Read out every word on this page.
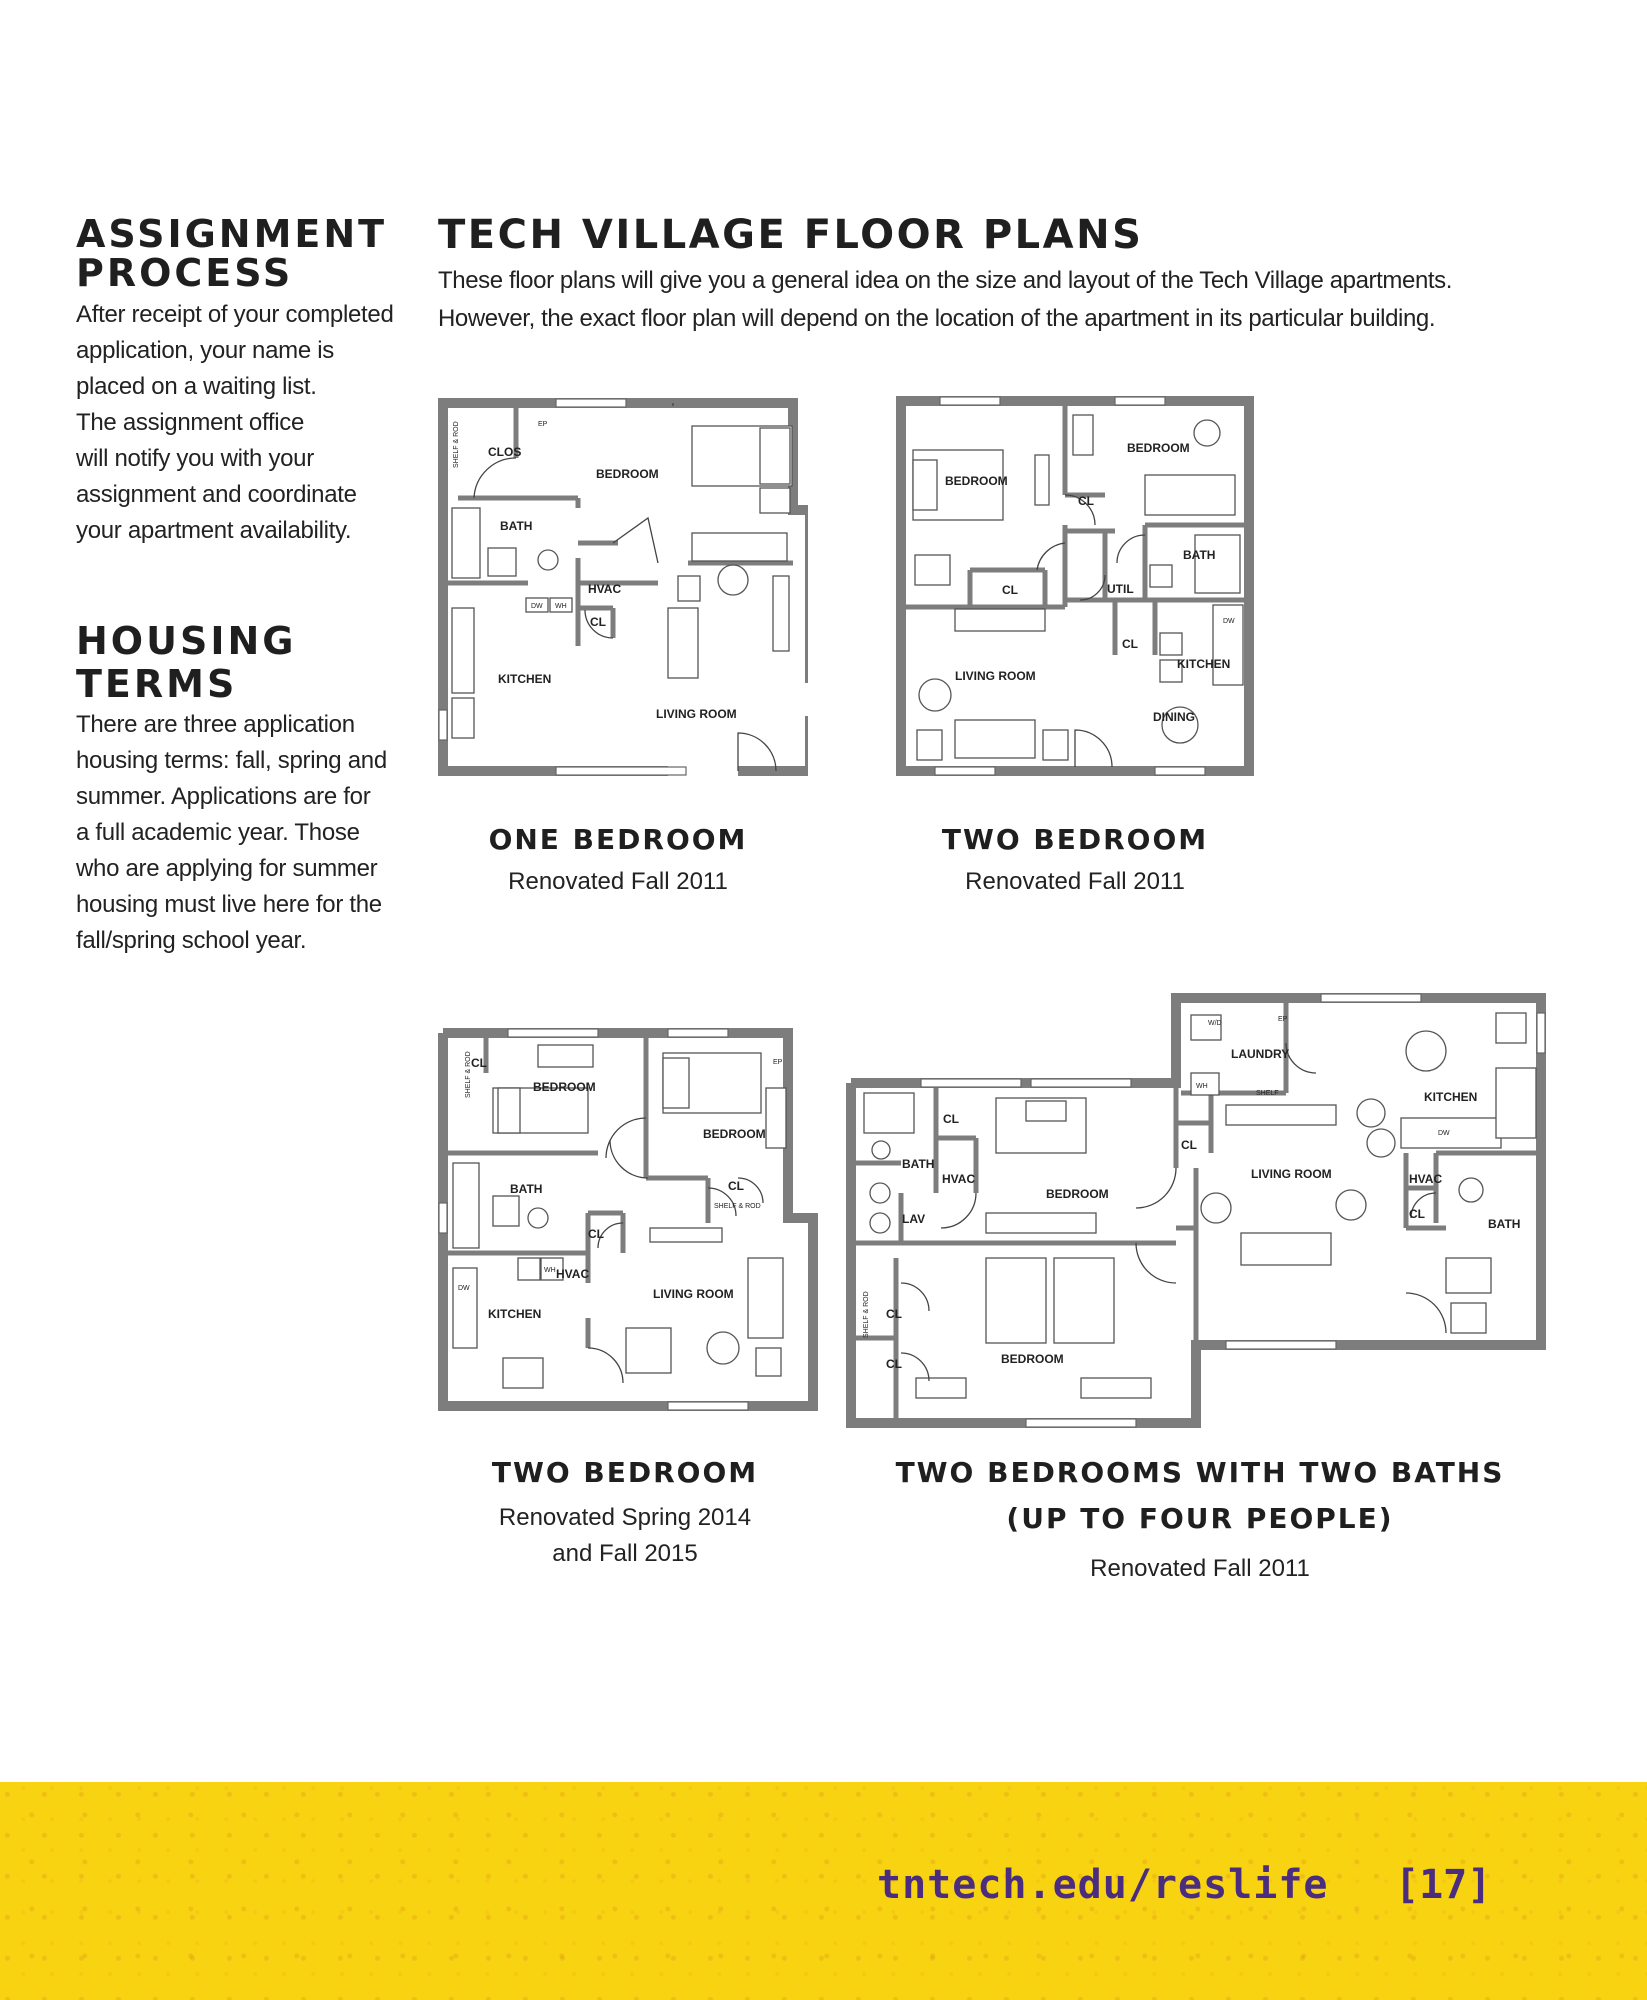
ASSIGNMENT
PROCESS

After receipt of your completed
application, your name is
placed on a waiting list.
The assignment office
will notify you with your
assignment and coordinate
your apartment availability.

HOUSING
TERMS

There are three application
housing terms: fall, spring and
summer. Applications are for
a full academic year. Those
who are applying for summer
housing must live here for the
fall/spring school year.

TECH VILLAGE FLOOR PLANS

These floor plans will give you a general idea on the size and layout of the Tech Village apartments.
However, the exact floor plan will depend on the location of the apartment in its particular building.

CLOS
BEDROOM
BATH
HVAC
CL
KITCHEN
LIVING ROOM
SHELF & ROD	EP
DW WH

ONE BEDROOM

Renovated Fall 2011

BEDROOM
BEDROOM
CL
CL
CL
BATH
UTIL
LIVING ROOM
KITCHEN
DINING
DW

TWO BEDROOM

Renovated Fall 2011

CL
BEDROOM
BEDROOM
BATH	CL
CL
HVAC
KITCHEN
LIVING ROOM
SHELF & ROD
SHELF & ROD
EP
DW
WH

TWO BEDROOM

Renovated Spring 2014
and Fall 2015

LAUNDRY
KITCHEN
LIVING ROOM
BATH
LAV
HVAC
BEDROOM
HVAC
CL
CL
CL
CL
CL
BATH
BEDROOM
SHELF
SHELF & ROD
W/D
EP
DW
WH

TWO BEDROOMS WITH TWO BATHS
(UP TO FOUR PEOPLE)

Renovated Fall 2011

tntech.edu/reslife [17]
